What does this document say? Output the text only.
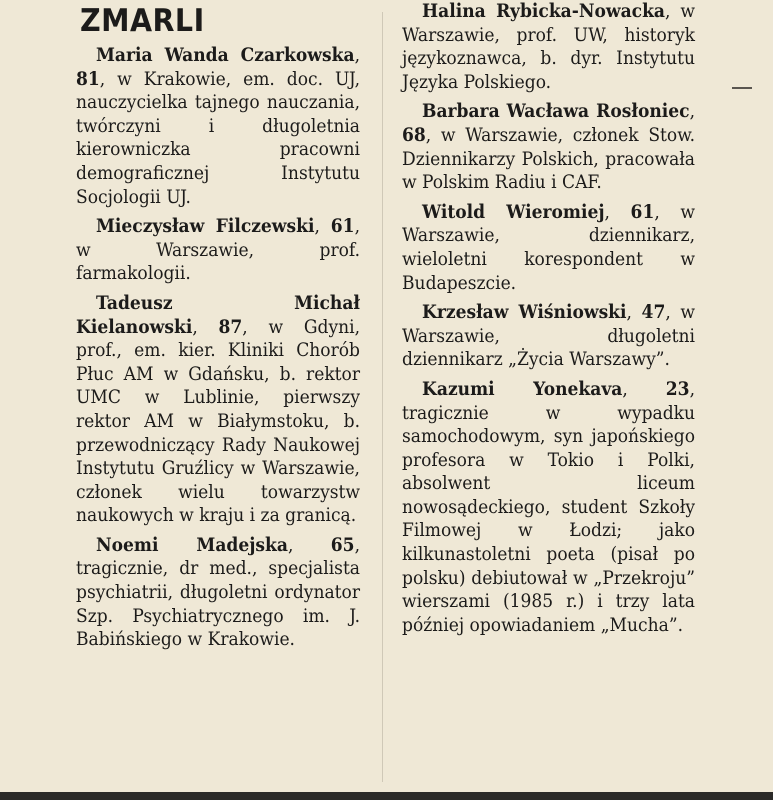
ZMARLI

Maria Wanda Czarkowska, 81, w Krakowie, em. doc. UJ, nauczycielka tajnego nauczania, twórczyni i długoletnia kierowniczka pracowni demograficznej Instytutu Socjologii UJ.

Mieczysław Filczewski, 61, w Warszawie, prof. farmakologii.

Tadeusz Michał Kielanowski, 87, w Gdyni, prof., em. kier. Kliniki Chorób Płuc AM w Gdańsku, b. rektor UMC w Lublinie, pierwszy rektor AM w Białymstoku, b. przewodniczący Rady Naukowej Instytutu Gruźlicy w Warszawie, członek wielu towarzystw naukowych w kraju i za granicą.

Noemi Madejska, 65, tragicznie, dr med., specjalista psychiatrii, długoletni ordynator Szp. Psychiatrycznego im. J. Babińskiego w Krakowie.

Halina Rybicka-Nowacka, w Warszawie, prof. UW, historyk językoznawca, b. dyr. Instytutu Języka Polskiego.

Barbara Wacława Rosłoniec, 68, w Warszawie, członek Stow. Dziennikarzy Polskich, pracowała w Polskim Radiu i CAF.

Witold Wieromiej, 61, w Warszawie, dziennikarz, wieloletni korespondent w Budapeszcie.

Krzesław Wiśniowski, 47, w Warszawie, długoletni dziennikarz „Życia Warszawy”.

Kazumi Yonekava, 23, tragicznie w wypadku samochodowym, syn japońskiego profesora w Tokio i Polki, absolwent liceum nowosądeckiego, student Szkoły Filmowej w Łodzi; jako kilkunastoletni poeta (pisał po polsku) debiutował w „Przekroju” wierszami (1985 r.) i trzy lata później opowiadaniem „Mucha”.
